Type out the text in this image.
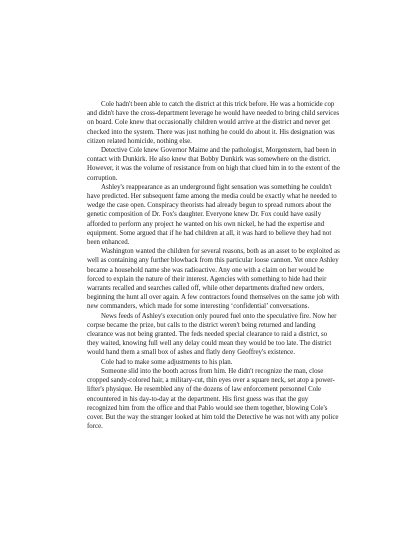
Cole hadn't been able to catch the district at this trick before. He was a homicide cop and didn't have the cross-department leverage he would have needed to bring child services on board. Cole knew that occasionally children would arrive at the district and never get checked into the system. There was just nothing he could do about it. His designation was citizen related homicide, nothing else.

Detective Cole knew Governor Maime and the pathologist, Morgenstern, had been in contact with Dunkirk. He also knew that Bobby Dunkirk was somewhere on the district. However, it was the volume of resistance from on high that clued him in to the extent of the corruption.

Ashley's reappearance as an underground fight sensation was something he couldn't have predicted. Her subsequent fame among the media could be exactly what he needed to wedge the case open. Conspiracy theorists had already begun to spread rumors about the genetic composition of Dr. Fox's daughter. Everyone knew Dr. Fox could have easily afforded to perform any project he wanted on his own nickel, he had the expertise and equipment. Some argued that if he had children at all, it was hard to believe they had not been enhanced.

Washington wanted the children for several reasons, both as an asset to be exploited as well as containing any further blowback from this particular loose cannon. Yet once Ashley became a household name she was radioactive. Any one with a claim on her would be forced to explain the nature of their interest. Agencies with something to hide had their warrants recalled and searches called off, while other departments drafted new orders, beginning the hunt all over again. A few contractors found themselves on the same job with new commanders, which made for some interesting ‘confidential’ conversations.

News feeds of Ashley's execution only poured fuel onto the speculative fire. Now her corpse became the prize, but calls to the district weren't being returned and landing clearance was not being granted. The feds needed special clearance to raid a district, so they waited, knowing full well any delay could mean they would be too late. The district would hand them a small box of ashes and flatly deny Geoffrey's existence.

Cole had to make some adjustments to his plan.

Someone slid into the booth across from him. He didn't recognize the man, close cropped sandy-colored hair, a military-cut, thin eyes over a square neck, set atop a power-lifter's physique. He resembled any of the dozens of law enforcement personnel Cole encountered in his day-to-day at the department. His first guess was that the guy recognized him from the office and that Pablo would see them together, blowing Cole's cover. But the way the stranger looked at him told the Detective he was not with any police force.
